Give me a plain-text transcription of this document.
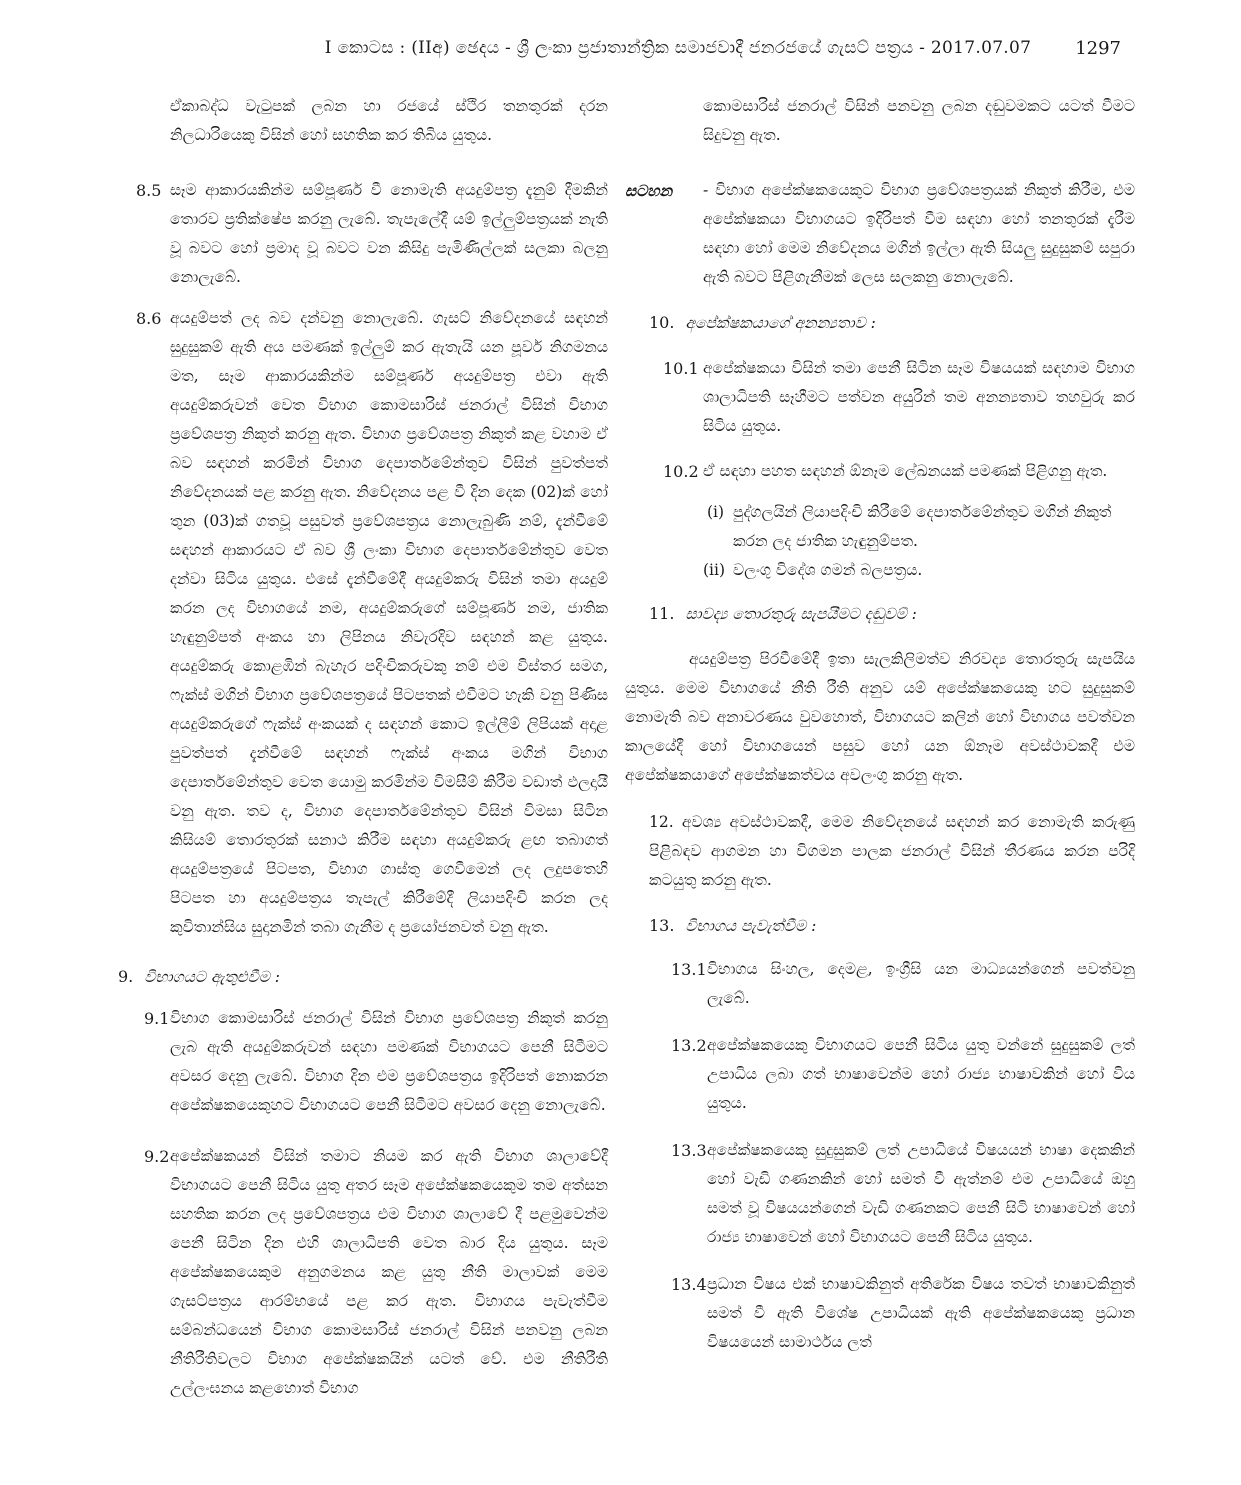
I කොටස : (IIඅ) ඡෙදය - ශ්‍රී ලංකා ප්‍රජාතාන්ත්‍රික සමාජවාදී ජනරජයේ ගැසට් පත්‍රය - 2017.07.07	1297

ඒකාබද්ධ වැටුපක් ලබන හා රජයේ ස්ථිර තනතුරක් දරන නිලධාරියෙකු විසින් හෝ සහතික කර තිබිය යුතුය.

8.5 සෑම ආකාරයකින්ම සම්පූර්ණ වී නොමැති අයදුම්පත්‍ර දැනුම් දීමකින් තොරව ප්‍රතික්ෂේප කරනු ලැබේ. තැපැලේදී යම් ඉල්ලුම්පත්‍රයක් නැති වූ බවට හෝ ප්‍රමාද වූ බවට වන කිසිදු පැමිණිල්ලක් සලකා බලනු නොලැබේ.

8.6 අයදුම්පත් ලද බව දන්වනු නොලැබේ. ගැසට් නිවේදනයේ සඳහන් සුදුසුකම් ඇති අය පමණක් ඉල්ලුම් කර ඇතැයි යන පූර්ව නිගමනය මත, සෑම ආකාරයකින්ම සම්පූර්ණ අයදුම්පත්‍ර එවා ඇති අයදුම්කරුවන් වෙත විභාග කොමසාරිස් ජනරාල් විසින් විභාග ප්‍රවේශපත්‍ර නිකුත් කරනු ඇත. විභාග ප්‍රවේශපත්‍ර නිකුත් කළ වහාම ඒ බව සඳහන් කරමින් විභාග දෙපාර්තමේන්තුව විසින් පුවත්පත් නිවේදනයක් පළ කරනු ඇත. නිවේදනය පළ වී දින දෙක (02)ක් හෝ තුන (03)ක් ගතවූ පසුවත් ප්‍රවේශපත්‍රය නොලැබුණි නම්, දැන්වීමේ සඳහන් ආකාරයට ඒ බව ශ්‍රී ලංකා විභාග දෙපාර්තමේන්තුව වෙත දන්වා සිටිය යුතුය. එසේ දැන්වීමේදී අයදුම්කරු විසින් තමා අයදුම් කරන ලද විභාගයේ නම, අයදුම්කරුගේ සම්පූර්ණ නම, ජාතික හැඳුනුම්පත් අංකය හා ලිපිනය නිවැරදිව සඳහන් කළ යුතුය. අයදුම්කරු කොළඹින් බැහැර පදිංචිකරුවකු නම් එම විස්තර සමග, ෆැක්ස් මගින් විභාග ප්‍රවේශපත්‍රයේ පිටපතක් එවීමට හැකි වනු පිණිස අයදුම්කරුගේ ෆැක්ස් අංකයක් ද සඳහන් කොට ඉල්ලීම් ලිපියක් අදාළ පුවත්පත් දැන්වීමේ සඳහන් ෆැක්ස් අංකය මගින් විභාග දෙපාර්තමේන්තුව වෙත යොමු කරමින්ම විමසීම් කිරීම වඩාත් ඵලදායී වනු ඇත. තව ද, විභාග දෙපාර්තමේන්තුව විසින් විමසා සිටින කිසියම් තොරතුරක් සනාථ කිරීම සඳහා අයදුම්කරු ළඟ තබාගත් අයදුම්පත්‍රයේ පිටපත, විභාග ගාස්තු ගෙවීමෙන් ලද ලදුපතෙහි පිටපත හා අයදුම්පත්‍රය තැපැල් කිරීමේදී ලියාපදිංචි කරන ලද කුවිතාන්සිය සුදානමින් තබා ගැනීම ද ප්‍රයෝජනවත් වනු ඇත.

9. විභාගයට ඇතුළුවීම :

9.1 විභාග කොමසාරිස් ජනරාල් විසින් විභාග ප්‍රවේශපත්‍ර නිකුත් කරනු ලැබ ඇති අයදුම්කරුවන් සඳහා පමණක් විභාගයට පෙනී සිටීමට අවසර දෙනු ලැබේ. විභාග දින එම ප්‍රවේශපත්‍රය ඉදිරිපත් නොකරන අපේක්ෂකයෙකුහට විභාගයට පෙනී සිටීමට අවසර දෙනු නොලැබේ.

9.2 අපේක්ෂකයන් විසින් තමාට නියම කර ඇති විභාග ශාලාවේදී විභාගයට පෙනී සිටිය යුතු අතර සෑම අපේක්ෂකයෙකුම තම අත්සන සහතික කරන ලද ප්‍රවේශපත්‍රය එම විභාග ශාලාවේ දී පළමුවෙන්ම පෙනී සිටින දින එහි ශාලාධිපති වෙත බාර දිය යුතුය. සෑම අපේක්ෂකයෙකුම අනුගමනය කළ යුතු නීති මාලාවක් මෙම ගැසට්පත්‍රය ආරම්භයේ පළ කර ඇත. විභාගය පැවැත්වීම සම්බන්ධයෙන් විභාග කොමසාරිස් ජනරාල් විසින් පනවනු ලබන නීතිරීතිවලට විභාග අපේක්ෂකයින් යටත් වේ. එම නීතිරීති උල්ලංඝනය කළහොත් විභාග

කොමසාරිස් ජනරාල් විසින් පනවනු ලබන දඬුවමකට යටත් වීමට සිදුවනු ඇත.

සටහන - විභාග අපේක්ෂකයෙකුට විභාග ප්‍රවේශපත්‍රයක් නිකුත් කිරීම, එම අපේක්ෂකයා විභාගයට ඉදිරිපත් වීම සඳහා හෝ තනතුරක් දැරීම සඳහා හෝ මෙම නිවේදනය මගින් ඉල්ලා ඇති සියලු සුදුසුකම් සපුරා ඇති බවට පිළිගැනීමක් ලෙස සලකනු නොලැබේ.

10. අපේක්ෂකයාගේ අනන්‍යතාව :

10.1 අපේක්ෂකයා විසින් තමා පෙනී සිටින සෑම විෂයයක් සඳහාම විභාග ශාලාධිපති සෑහීමට පත්වන අයුරින් තම අනන්‍යතාව තහවුරු කර සිටිය යුතුය.

10.2 ඒ සඳහා පහත සඳහන් ඕනෑම ලේඛනයක් පමණක් පිළිගනු ඇත.

(i) පුද්ගලයින් ලියාපදිංචි කිරීමේ දෙපාර්තමේන්තුව මගින් නිකුත් කරන ලද ජාතික හැඳුනුම්පත.
(ii) වලංගු විදේශ ගමන් බලපත්‍රය.
11. සාවද්‍ය තොරතුරු සැපයීමට දඬුවම් :

අයදුම්පත්‍ර පිරවීමේදී ඉතා සැලකිලිමත්ව නිරවද්‍ය තොරතුරු සැපයිය යුතුය. මෙම විභාගයේ නීති රීති අනුව යම් අපේක්ෂකයෙකු හට සුදුසුකම් නොමැති බව අනාවරණය වුවහොත්, විභාගයට කලින් හෝ විභාගය පවත්වන කාලයේදී හෝ විභාගයෙන් පසුව හෝ යන ඕනෑම අවස්ථාවකදී එම අපේක්ෂකයාගේ අපේක්ෂකත්වය අවලංගු කරනු ඇත.

12. අවශ්‍ය අවස්ථාවකදී, මෙම නිවේදනයේ සඳහන් කර නොමැති කරුණු පිළිබඳව ආගමන හා විගමන පාලක ජනරාල් විසින් තීරණය කරන පරිදි කටයුතු කරනු ඇත.

13. විභාගය පැවැත්වීම :

13.1 විභාගය සිංහල, දෙමළ, ඉංග්‍රීසි යන මාධ්‍යයන්ගෙන් පවත්වනු ලැබේ.

13.2 අපේක්ෂකයෙකු විභාගයට පෙනී සිටිය යුතු වන්නේ සුදුසුකම් ලත් උපාධිය ලබා ගත් භාෂාවෙන්ම හෝ රාජ්‍ය භාෂාවකින් හෝ විය යුතුය.

13.3 අපේක්ෂකයෙකු සුදුසුකම් ලත් උපාධියේ විෂයයන් භාෂා දෙකකින් හෝ වැඩි ගණනකින් හෝ සමත් වී ඇත්නම් එම උපාධියේ ඔහු සමත් වූ විෂයයන්ගෙන් වැඩි ගණනකට පෙනී සිටි භාෂාවෙන් හෝ රාජ්‍ය භාෂාවෙන් හෝ විභාගයට පෙනී සිටිය යුතුය.

13.4 ප්‍රධාන විෂය එක් භාෂාවකිනුත් අතිරේක විෂය තවත් භාෂාවකිනුත් සමත් වී ඇති විශේෂ උපාධියක් ඇති අපේක්ෂකයෙකු ප්‍රධාන විෂයයෙන් සාමාර්ථය ලත්
